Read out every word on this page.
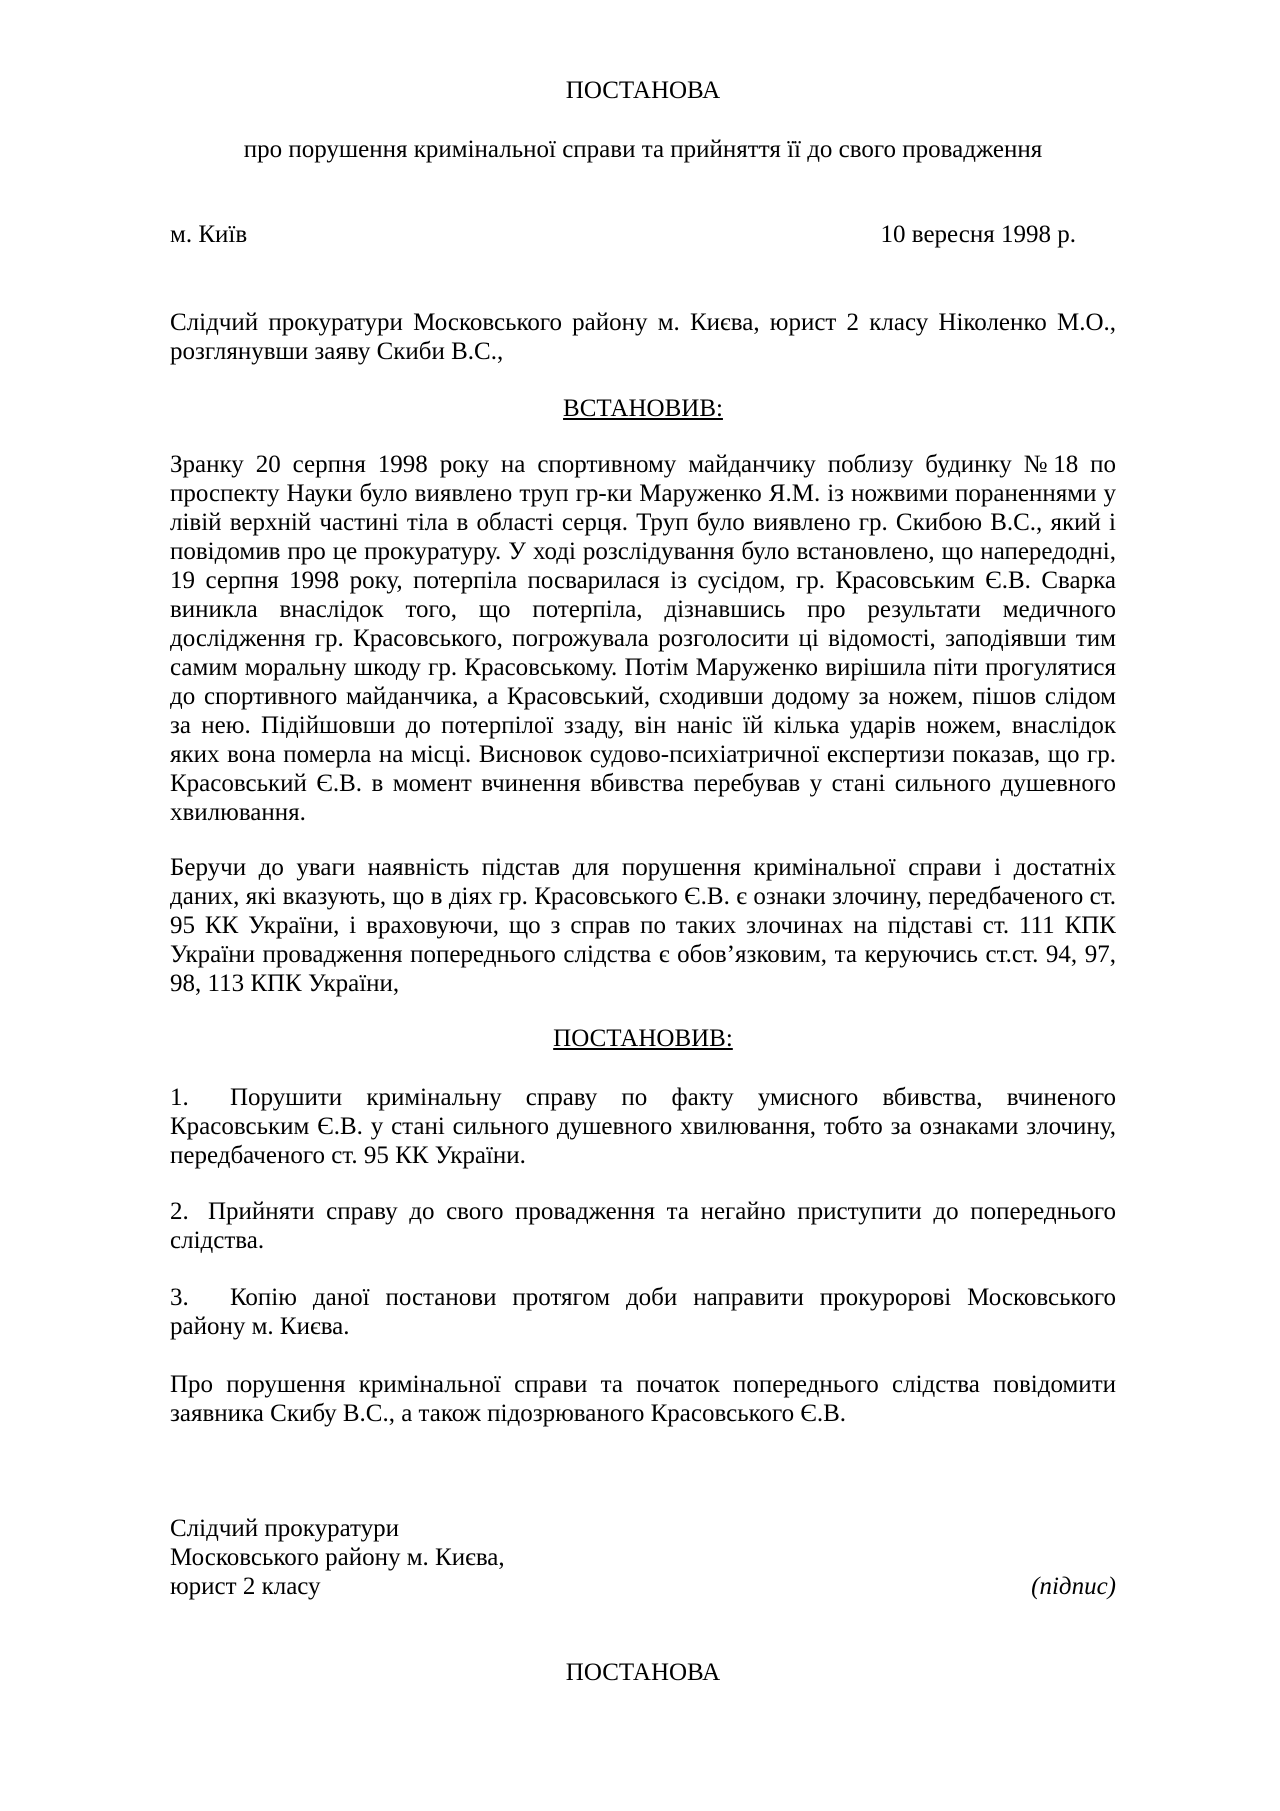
ПОСТАНОВА
про порушення кримінальної справи та прийняття її до свого провадження
м. Київ	10 вересня 1998 р.
Слідчий прокуратури Московського району м. Києва, юрист 2 класу Ніколенко М.О., розглянувши заяву Скиби В.С.,
ВСТАНОВИВ:
Зранку 20 серпня 1998 року на спортивному майданчику поблизу будинку №18 по проспекту Науки було виявлено труп гр-ки Маруженко Я.М. із ножвими пораненнями у лівій верхній частині тіла в області серця. Труп було виявлено гр. Скибою В.С., який і повідомив про це прокуратуру. У ході розслідування було встановлено, що напередодні, 19 серпня 1998 року, потерпіла посварилася із сусідом, гр. Красовським Є.В. Сварка виникла внаслідок того, що потерпіла, дізнавшись про результати медичного дослідження гр. Красовського, погрожувала розголосити ці відомості, заподіявши тим самим моральну шкоду гр. Красовському. Потім Маруженко вирішила піти прогулятися до спортивного майданчика, а Красовський, сходивши додому за ножем, пішов слідом за нею. Підійшовши до потерпілої ззаду, він наніс їй кілька ударів ножем, внаслідок яких вона померла на місці. Висновок судово-психіатричної експертизи показав, що гр. Красовський Є.В. в момент вчинення вбивства перебував у стані сильного душевного хвилювання.
Беручи до уваги наявність підстав для порушення кримінальної справи і достатніх даних, які вказують, що в діях гр. Красовського Є.В. є ознаки злочину, передбаченого ст. 95 КК України, і враховуючи, що з справ по таких злочинах на підставі ст. 111 КПК України провадження попереднього слідства є обов’язковим, та керуючись ст.ст. 94, 97, 98, 113 КПК України,
ПОСТАНОВИВ:
1. Порушити кримінальну справу по факту умисного вбивства, вчиненого Красовським Є.В. у стані сильного душевного хвилювання, тобто за ознаками злочину, передбаченого ст. 95 КК України.
2. Прийняти справу до свого провадження та негайно приступити до попереднього слідства.
3. Копію даної постанови протягом доби направити прокуророві Московського району м. Києва.
Про порушення кримінальної справи та початок попереднього слідства повідомити заявника Скибу В.С., а також підозрюваного Красовського Є.В.
Слідчий прокуратури
Московського району м. Києва,
юрист 2 класу	(підпис)
ПОСТАНОВА
